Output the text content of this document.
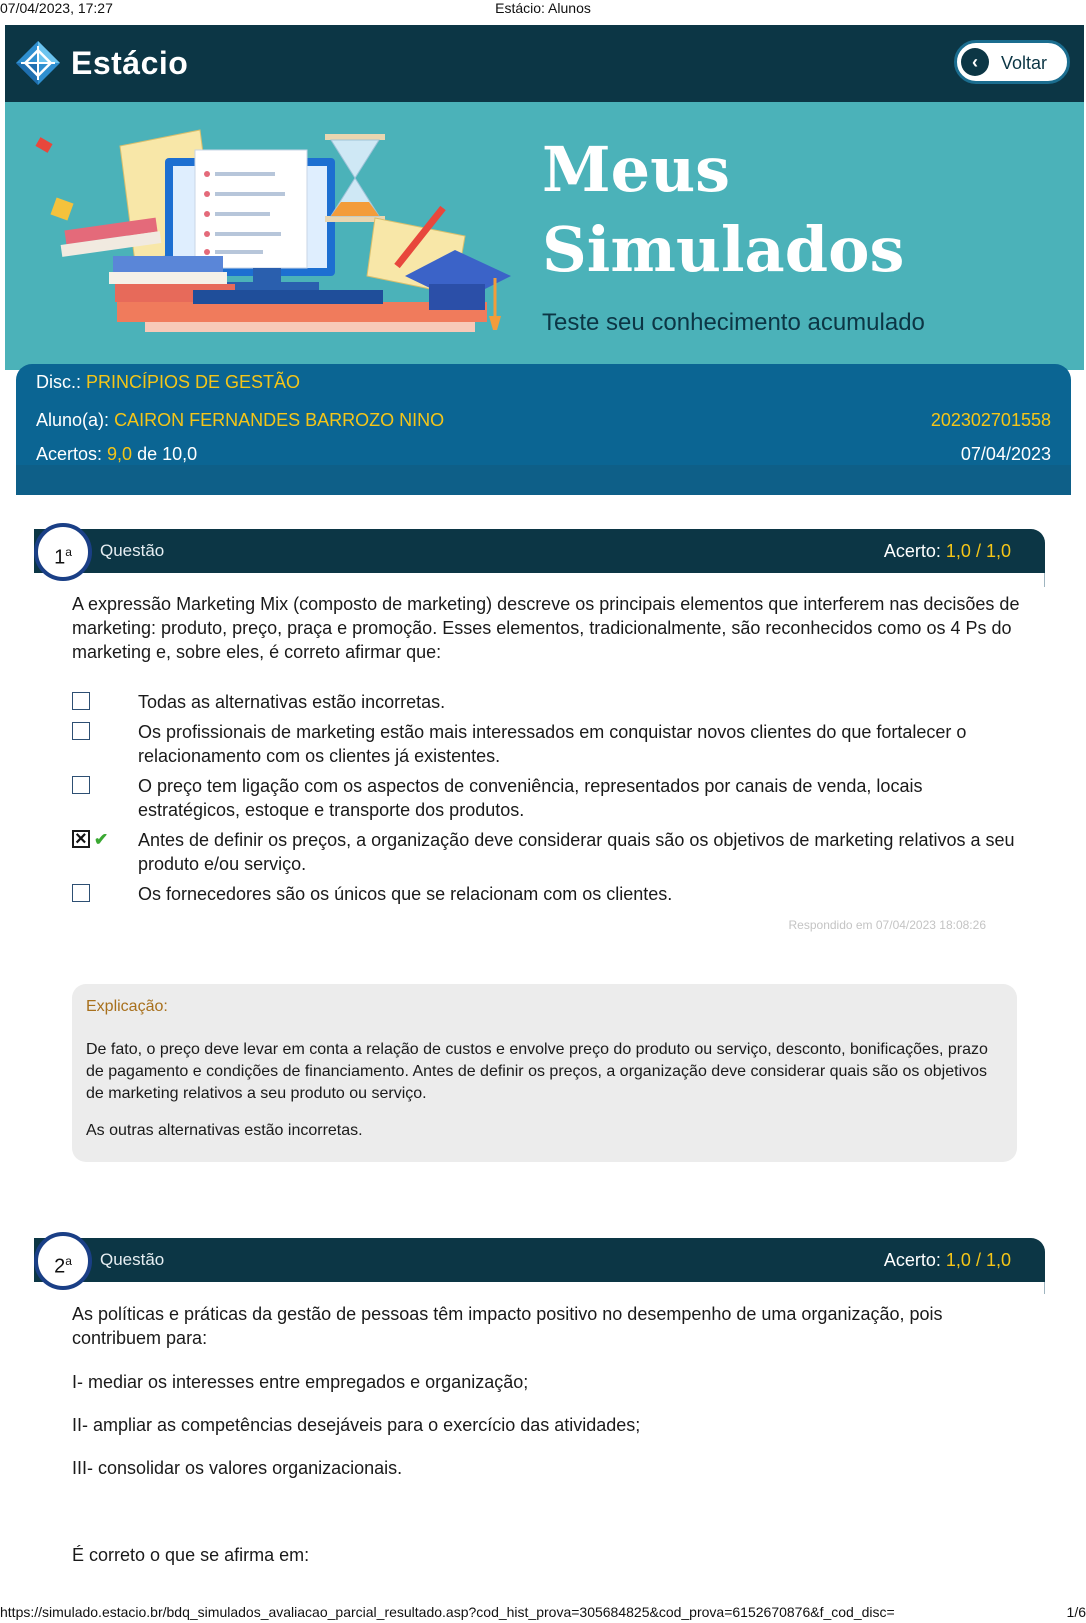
07/04/2023, 17:27	Estácio: Alunos
Estácio	‹	Voltar
Meus
Simulados
Teste seu conhecimento acumulado
Disc.: PRINCÍPIOS DE GESTÃO
Aluno(a): CAIRON FERNANDES BARROZO NINO	202302701558
Acertos: 9,0 de 10,0	07/04/2023
Questão	Acerto: 1,0 / 1,0
1$^a$
A expressão Marketing Mix (composto de marketing) descreve os principais elementos que interferem nas decisões de marketing: produto, preço, praça e promoção. Esses elementos, tradicionalmente, são reconhecidos como os 4 Ps do marketing e, sobre eles, é correto afirmar que:
Todas as alternativas estão incorretas.
Os profissionais de marketing estão mais interessados em conquistar novos clientes do que fortalecer o relacionamento com os clientes já existentes.
O preço tem ligação com os aspectos de conveniência, representados por canais de venda, locais estratégicos, estoque e transporte dos produtos.
×
✔ Antes de definir os preços, a organização deve considerar quais são os objetivos de marketing relativos a seu produto e/ou serviço.
Os fornecedores são os únicos que se relacionam com os clientes.
Respondido em 07/04/2023 18:08:26
Explicação:
De fato, o preço deve levar em conta a relação de custos e envolve preço do produto ou serviço, desconto, bonificações, prazo de pagamento e condições de financiamento. Antes de definir os preços, a organização deve considerar quais são os objetivos de marketing relativos a seu produto ou serviço.
As outras alternativas estão incorretas.
Questão	Acerto: 1,0 / 1,0
2$^a$
As políticas e práticas da gestão de pessoas têm impacto positivo no desempenho de uma organização, pois contribuem para:
I- mediar os interesses entre empregados e organização;
II- ampliar as competências desejáveis para o exercício das atividades;
III- consolidar os valores organizacionais.
É correto o que se afirma em:
https://simulado.estacio.br/bdq_simulados_avaliacao_parcial_resultado.asp?cod_hist_prova=305684825&cod_prova=6152670876&f_cod_disc=	1/6
